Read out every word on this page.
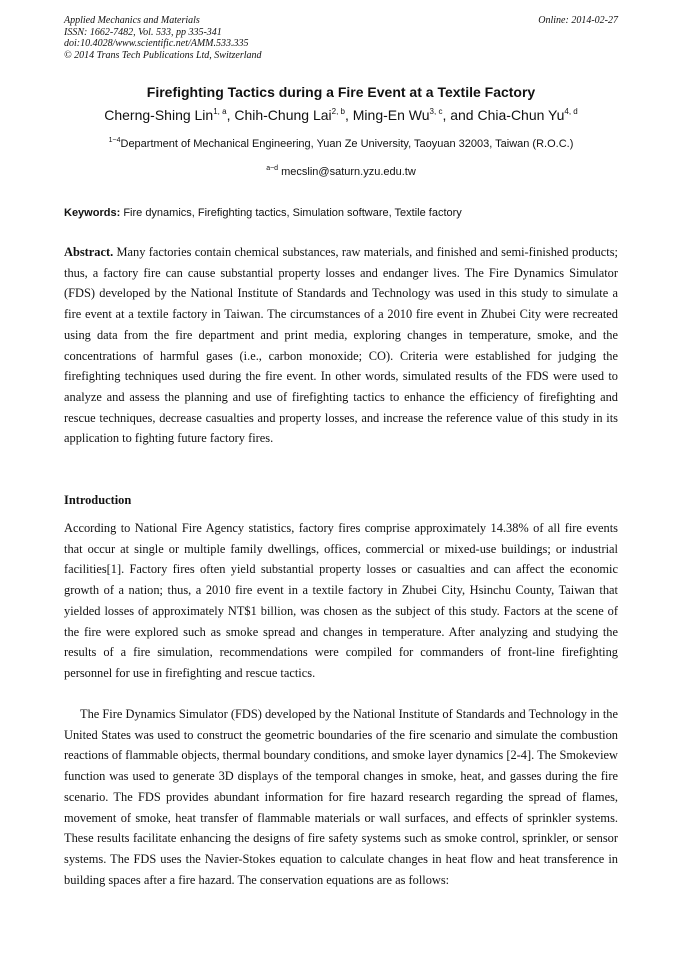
Applied Mechanics and Materials
ISSN: 1662-7482, Vol. 533, pp 335-341
doi:10.4028/www.scientific.net/AMM.533.335
© 2014 Trans Tech Publications Ltd, Switzerland
Online: 2014-02-27
Firefighting Tactics during a Fire Event at a Textile Factory
Cherng-Shing Lin$^{1, a}$, Chih-Chung Lai$^{2, b}$, Ming-En Wu$^{3, c}$, and Chia-Chun Yu$^{4, d}$
$^{1\sim 4}$Department of Mechanical Engineering, Yuan Ze University, Taoyuan 32003, Taiwan (R.O.C.)
$^{a\sim d}$ mecslin@saturn.yzu.edu.tw
Keywords: Fire dynamics, Firefighting tactics, Simulation software, Textile factory
Abstract. Many factories contain chemical substances, raw materials, and finished and semi-finished products; thus, a factory fire can cause substantial property losses and endanger lives. The Fire Dynamics Simulator (FDS) developed by the National Institute of Standards and Technology was used in this study to simulate a fire event at a textile factory in Taiwan. The circumstances of a 2010 fire event in Zhubei City were recreated using data from the fire department and print media, exploring changes in temperature, smoke, and the concentrations of harmful gases (i.e., carbon monoxide; CO). Criteria were established for judging the firefighting techniques used during the fire event. In other words, simulated results of the FDS were used to analyze and assess the planning and use of firefighting tactics to enhance the efficiency of firefighting and rescue techniques, decrease casualties and property losses, and increase the reference value of this study in its application to fighting future factory fires.
Introduction
According to National Fire Agency statistics, factory fires comprise approximately 14.38% of all fire events that occur at single or multiple family dwellings, offices, commercial or mixed-use buildings; or industrial facilities[1]. Factory fires often yield substantial property losses or casualties and can affect the economic growth of a nation; thus, a 2010 fire event in a textile factory in Zhubei City, Hsinchu County, Taiwan that yielded losses of approximately NT$1 billion, was chosen as the subject of this study. Factors at the scene of the fire were explored such as smoke spread and changes in temperature. After analyzing and studying the results of a fire simulation, recommendations were compiled for commanders of front-line firefighting personnel for use in firefighting and rescue tactics.
The Fire Dynamics Simulator (FDS) developed by the National Institute of Standards and Technology in the United States was used to construct the geometric boundaries of the fire scenario and simulate the combustion reactions of flammable objects, thermal boundary conditions, and smoke layer dynamics [2-4]. The Smokeview function was used to generate 3D displays of the temporal changes in smoke, heat, and gasses during the fire scenario. The FDS provides abundant information for fire hazard research regarding the spread of flames, movement of smoke, heat transfer of flammable materials or wall surfaces, and effects of sprinkler systems. These results facilitate enhancing the designs of fire safety systems such as smoke control, sprinkler, or sensor systems. The FDS uses the Navier-Stokes equation to calculate changes in heat flow and heat transference in building spaces after a fire hazard. The conservation equations are as follows:
